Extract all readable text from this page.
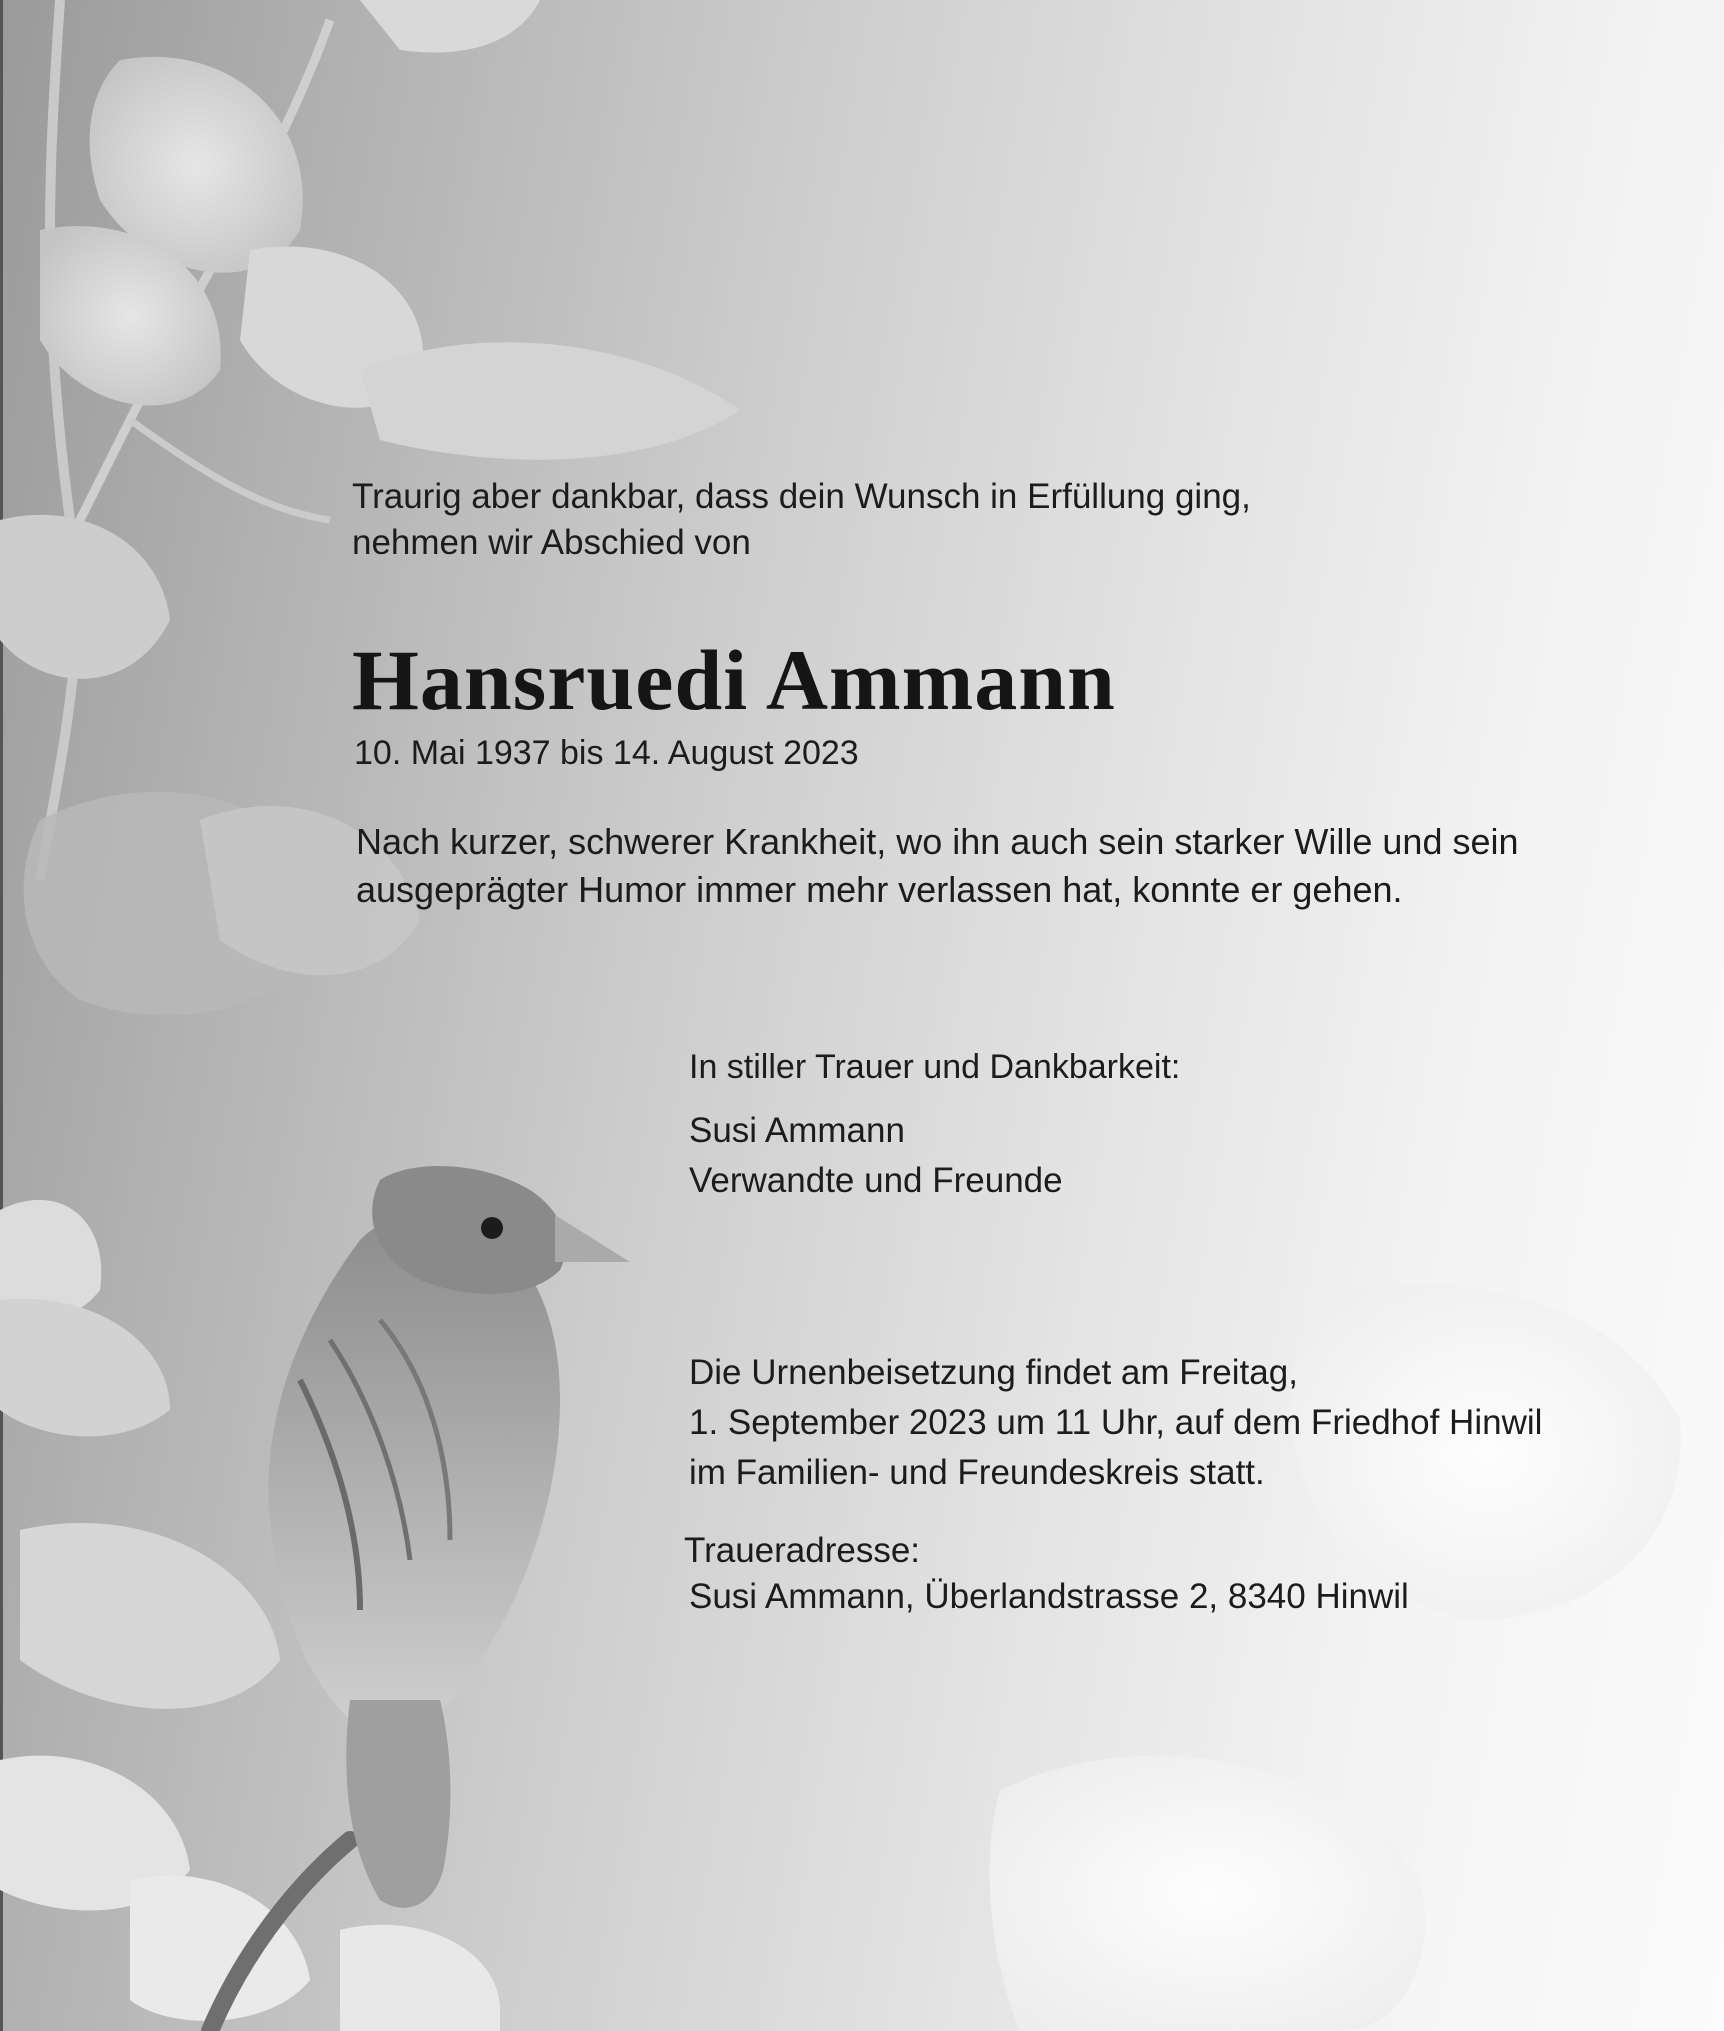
Traurig aber dankbar, dass dein Wunsch in Erfüllung ging,
nehmen wir Abschied von

Hansruedi Ammann

10. Mai 1937 bis 14. August 2023

Nach kurzer, schwerer Krankheit, wo ihn auch sein starker Wille und sein
ausgeprägter Humor immer mehr verlassen hat, konnte er gehen.

In stiller Trauer und Dankbarkeit:

Susi Ammann
Verwandte und Freunde

Die Urnenbeisetzung findet am Freitag,
1. September 2023 um 11 Uhr, auf dem Friedhof Hinwil
im Familien- und Freundeskreis statt.

Traueradresse:

Susi Ammann, Überlandstrasse 2, 8340 Hinwil
